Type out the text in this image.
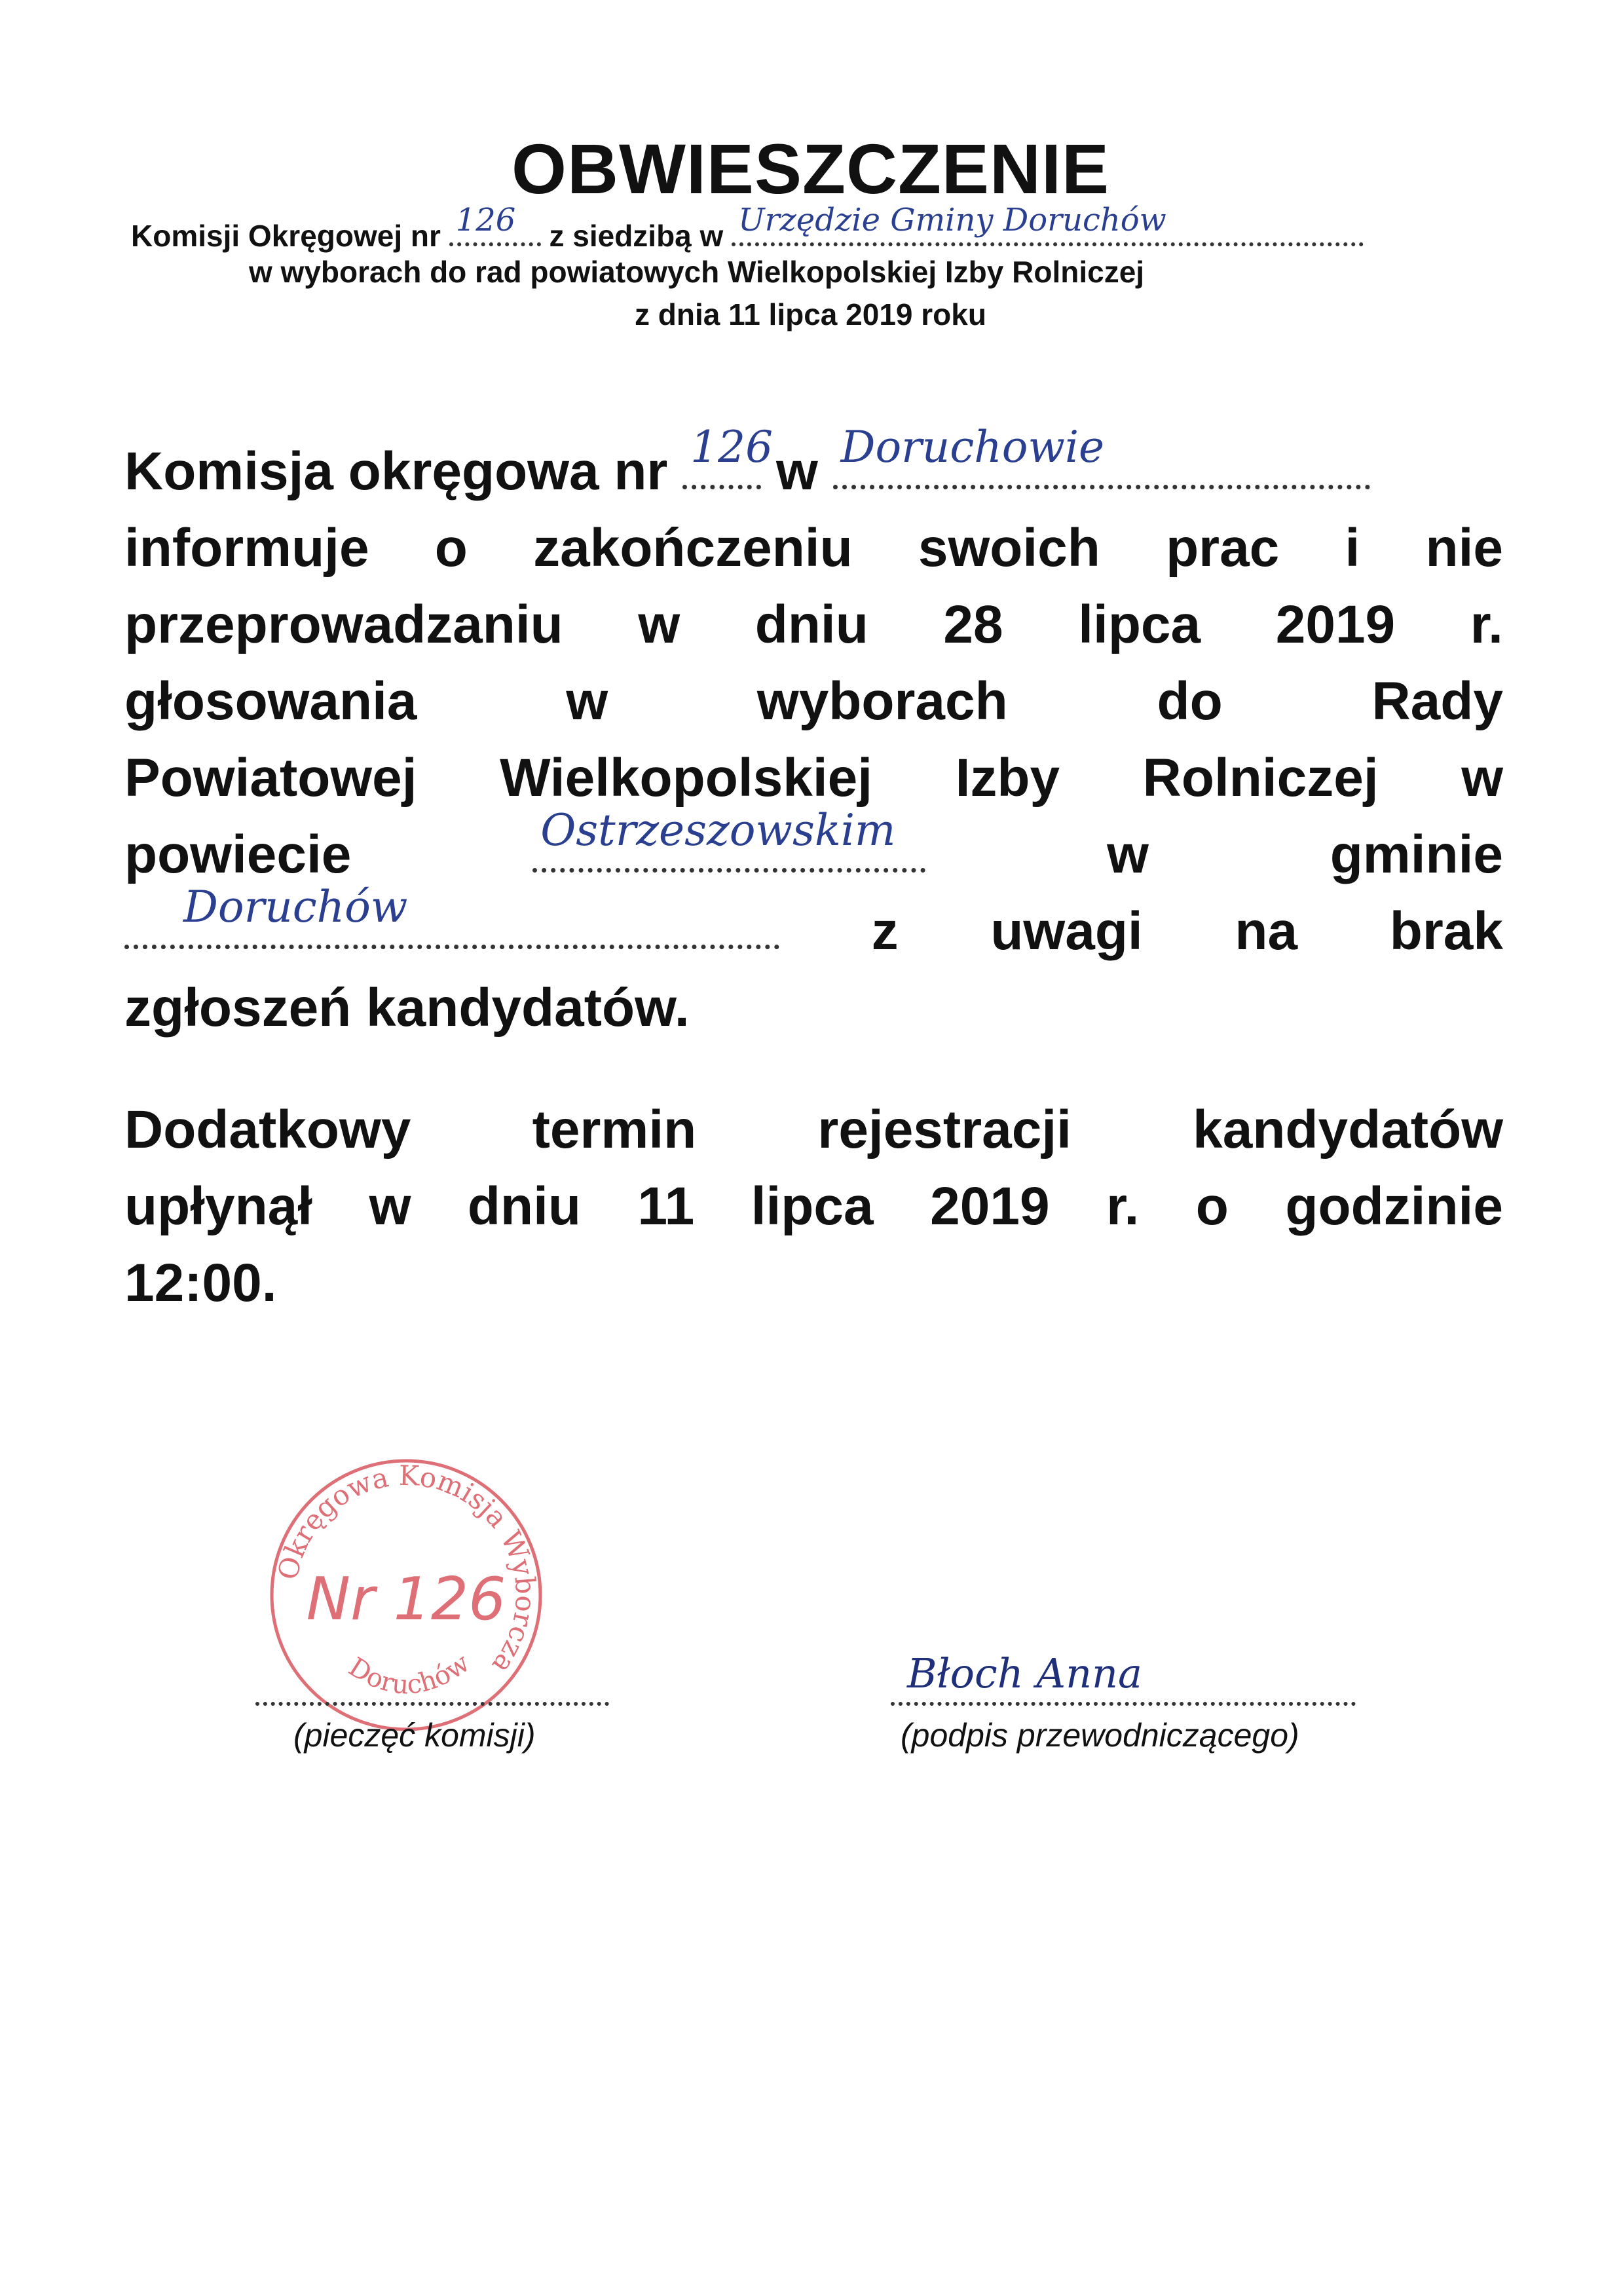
OBWIESZCZENIE
Komisji Okręgowej nr 126 z siedzibą w Urzędzie Gminy Doruchów
w wyborach do rad powiatowych Wielkopolskiej Izby Rolniczej
z dnia 11 lipca 2019 roku
Komisja okręgowa nr 126 w Doruchowie
informuje o zakończeniu swoich prac i nie
przeprowadzaniu w dniu 28 lipca 2019 r.
głosowania	w	wyborach	do	Rady
Powiatowej Wielkopolskiej Izby Rolniczej w
powiecie	Ostrzeszowskim	w	gminie
Doruchów	z uwagi na brak
zgłoszeń kandydatów.
Dodatkowy termin rejestracji kandydatów
upłynął w dniu 11 lipca 2019 r. o godzinie
12:00.
Okręgowa Komisja Wyborcza
Nr 126
Doruchów
(pieczęć komisji)
Błoch Anna
(podpis przewodniczącego)
